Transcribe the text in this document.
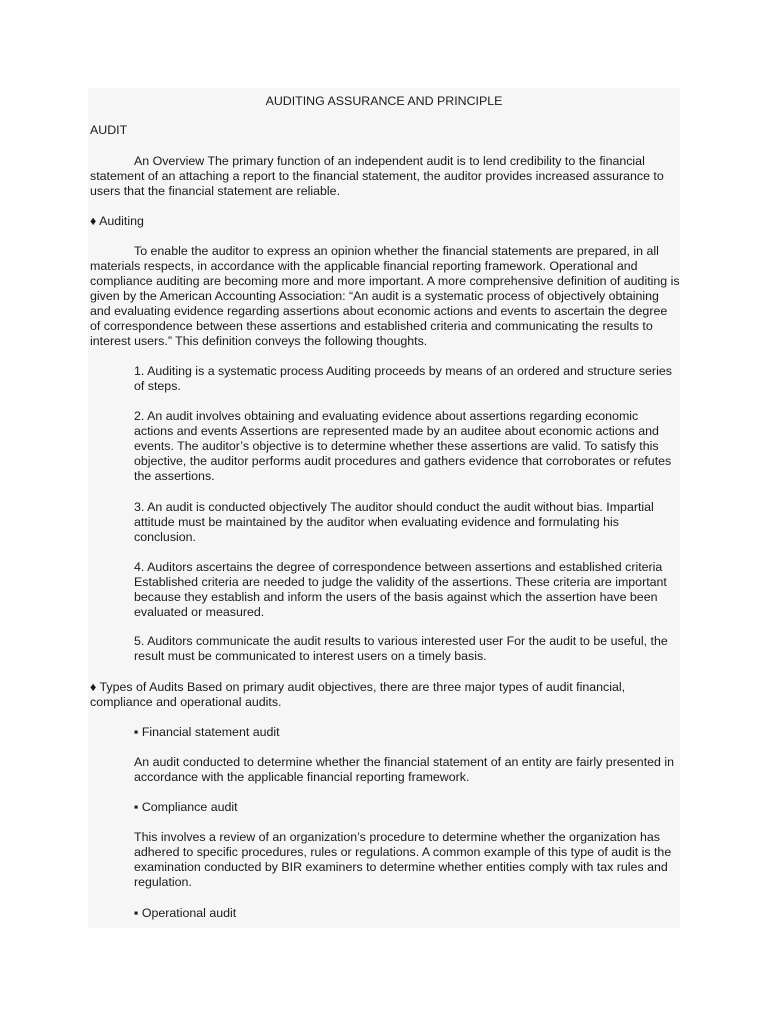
AUDITING ASSURANCE AND PRINCIPLE

AUDIT

An Overview The primary function of an independent audit is to lend credibility to the financial statement of an attaching a report to the financial statement, the auditor provides increased assurance to users that the financial statement are reliable.

♦ Auditing

To enable the auditor to express an opinion whether the financial statements are prepared, in all materials respects, in accordance with the applicable financial reporting framework. Operational and compliance auditing are becoming more and more important. A more comprehensive definition of auditing is given by the American Accounting Association: “An audit is a systematic process of objectively obtaining and evaluating evidence regarding assertions about economic actions and events to ascertain the degree of correspondence between these assertions and established criteria and communicating the results to interest users.” This definition conveys the following thoughts.

1. Auditing is a systematic process Auditing proceeds by means of an ordered and structure series of steps.

2. An audit involves obtaining and evaluating evidence about assertions regarding economic actions and events Assertions are represented made by an auditee about economic actions and events. The auditor’s objective is to determine whether these assertions are valid. To satisfy this objective, the auditor performs audit procedures and gathers evidence that corroborates or refutes the assertions.

3. An audit is conducted objectively The auditor should conduct the audit without bias. Impartial attitude must be maintained by the auditor when evaluating evidence and formulating his conclusion.

4. Auditors ascertains the degree of correspondence between assertions and established criteria Established criteria are needed to judge the validity of the assertions. These criteria are important because they establish and inform the users of the basis against which the assertion have been evaluated or measured.

5. Auditors communicate the audit results to various interested user For the audit to be useful, the result must be communicated to interest users on a timely basis.

♦ Types of Audits Based on primary audit objectives, there are three major types of audit financial, compliance and operational audits.

▪ Financial statement audit

An audit conducted to determine whether the financial statement of an entity are fairly presented in accordance with the applicable financial reporting framework.

▪ Compliance audit

This involves a review of an organization’s procedure to determine whether the organization has adhered to specific procedures, rules or regulations. A common example of this type of audit is the examination conducted by BIR examiners to determine whether entities comply with tax rules and regulation.

▪ Operational audit
